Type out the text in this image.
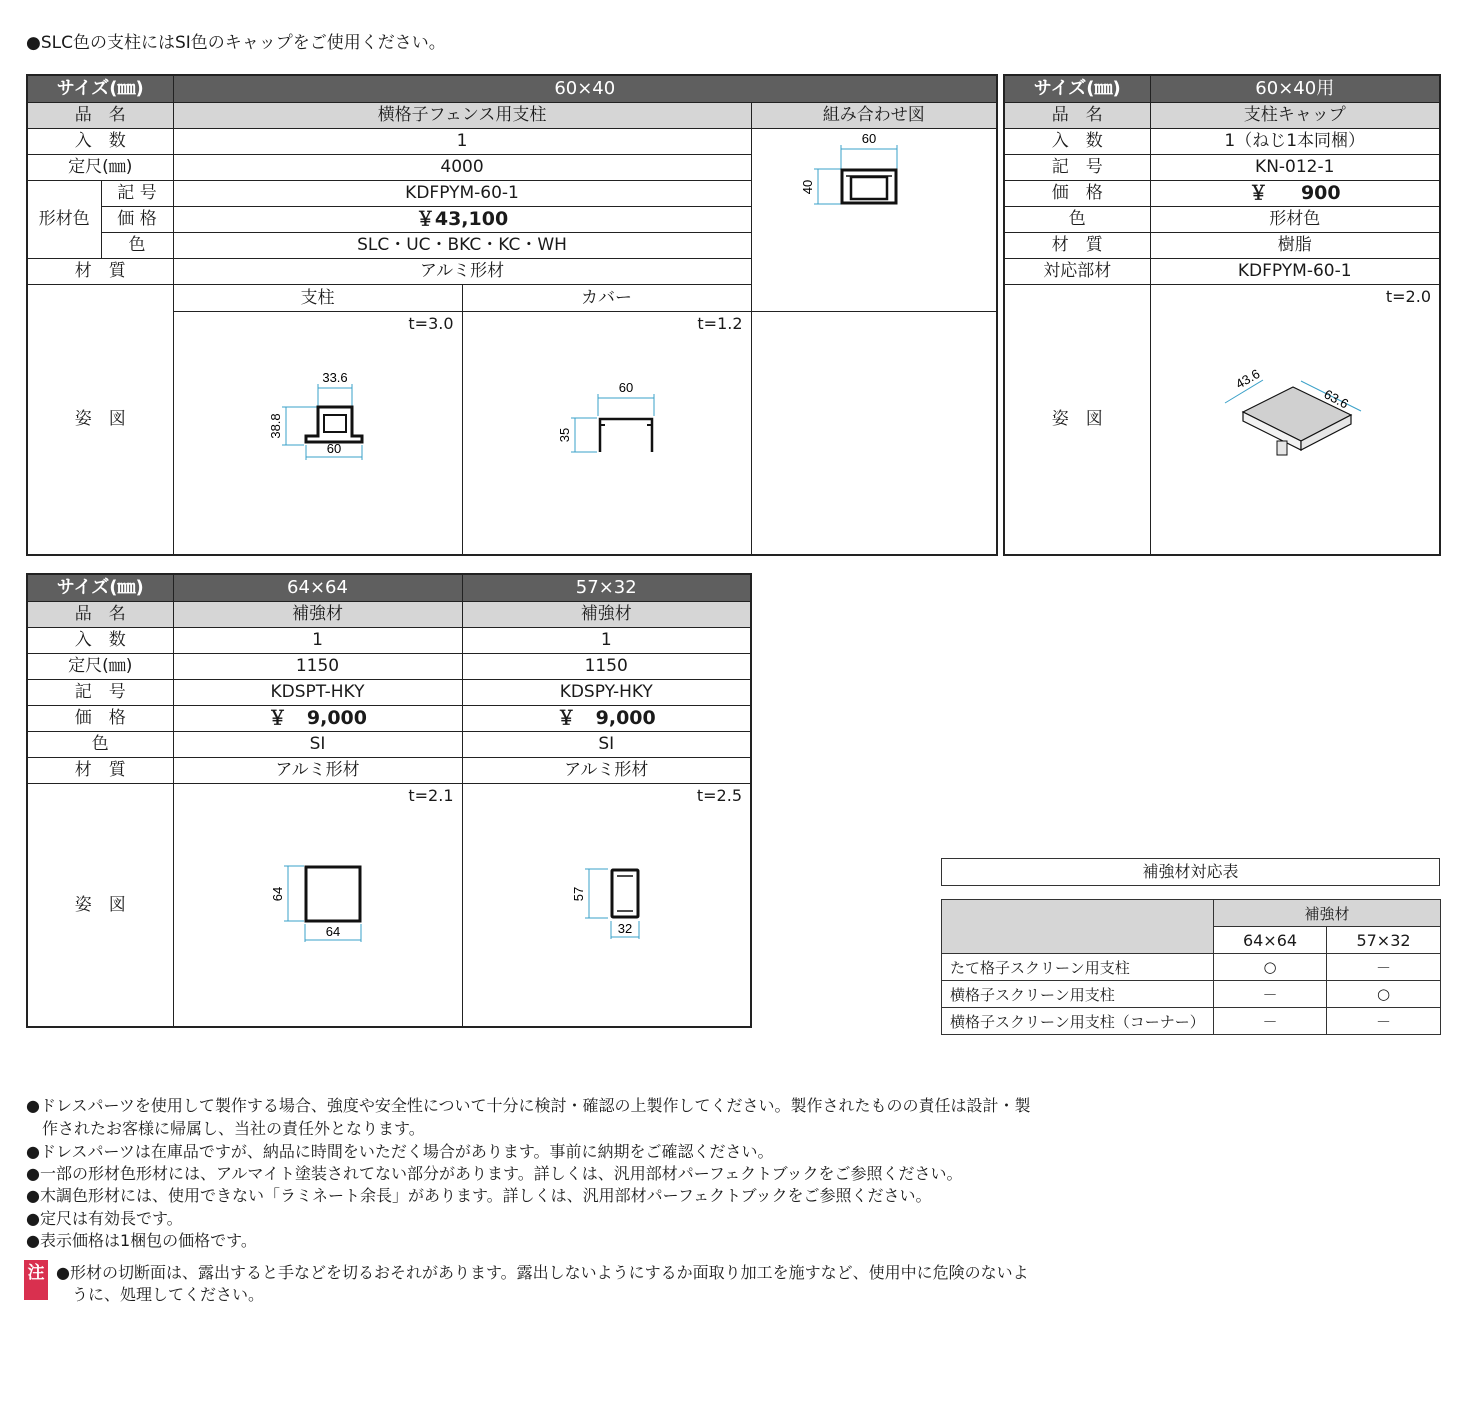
●SLC色の支柱にはSI色のキャップをご使用ください。
サイズ(㎜)		60×40		
品　名		横格子フェンス用支柱		組み合わせ図
入　数		1		60
40

定尺(㎜)		4000		
形材色	記 号	KDFPYM-60-1		
	価 格	￥43,100		
	色	SLC・UC・BKC・KC・WH		
材　質		アルミ形材		
姿　図		支柱	カバー	

		t=3.0
33.6
38.8
60	t=1.2
60
35	
サイズ(㎜)	60×40用
品　名	支柱キャップ
入　数	1（ねじ1本同梱）
記　号	KN-012-1
価　格	￥ 900
色	形材色
材　質	樹脂
対応部材	KDFPYM-60-1
姿　図	t=2.0
43.6
63.6
サイズ(㎜)	64×64	57×32
品　名	補強材	補強材
入　数	1	1
定尺(㎜)	1150	1150
記　号	KDSPT-HKY	KDSPY-HKY
価　格	￥ 9,000	￥ 9,000
色	SI	SI
材　質	アルミ形材	アルミ形材
姿　図	t=2.1
64
64	t=2.5
57
32
補強材対応表
	補強材	
	64×64	57×32
たて格子スクリーン用支柱	○	－
横格子スクリーン用支柱	－	○
横格子スクリーン用支柱（コーナー）	－	－
●ドレスパーツを使用して製作する場合、強度や安全性について十分に検討・確認の上製作してください。製作されたものの責任は設計・製
　作されたお客様に帰属し、当社の責任外となります。
●ドレスパーツは在庫品ですが、納品に時間をいただく場合があります。事前に納期をご確認ください。
●一部の形材色形材には、アルマイト塗装されてない部分があります。詳しくは、汎用部材パーフェクトブックをご参照ください。
●木調色形材には、使用できない「ラミネート余長」があります。詳しくは、汎用部材パーフェクトブックをご参照ください。
●定尺は有効長です。
●表示価格は1梱包の価格です。
注 ●形材の切断面は、露出すると手などを切るおそれがあります。露出しないようにするか面取り加工を施すなど、使用中に危険のないよ
　うに、処理してください。
